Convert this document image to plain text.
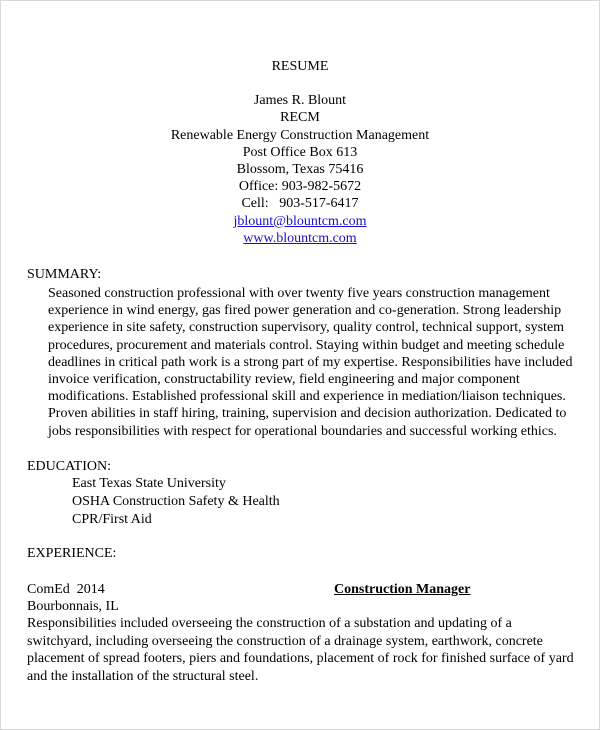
RESUME
James R. Blount
RECM
Renewable Energy Construction Management
Post Office Box 613
Blossom, Texas 75416
Office: 903-982-5672
Cell:   903-517-6417
jblount@blountcm.com
www.blountcm.com
SUMMARY:
Seasoned construction professional with over twenty five years construction management
experience in wind energy, gas fired power generation and co-generation. Strong leadership
experience in site safety, construction supervisory, quality control, technical support, system
procedures, procurement and materials control. Staying within budget and meeting schedule
deadlines in critical path work is a strong part of my expertise. Responsibilities have included
invoice verification, constructability review, field engineering and major component
modifications. Established professional skill and experience in mediation/liaison techniques.
Proven abilities in staff hiring, training, supervision and decision authorization. Dedicated to
jobs responsibilities with respect for operational boundaries and successful working ethics.
EDUCATION:
East Texas State University
OSHA Construction Safety & Health
CPR/First Aid
EXPERIENCE:
ComEd  2014	Construction Manager
Bourbonnais, IL
Responsibilities included overseeing the construction of a substation and updating of a
switchyard, including overseeing the construction of a drainage system, earthwork, concrete
placement of spread footers, piers and foundations, placement of rock for finished surface of yard
and the installation of the structural steel.
